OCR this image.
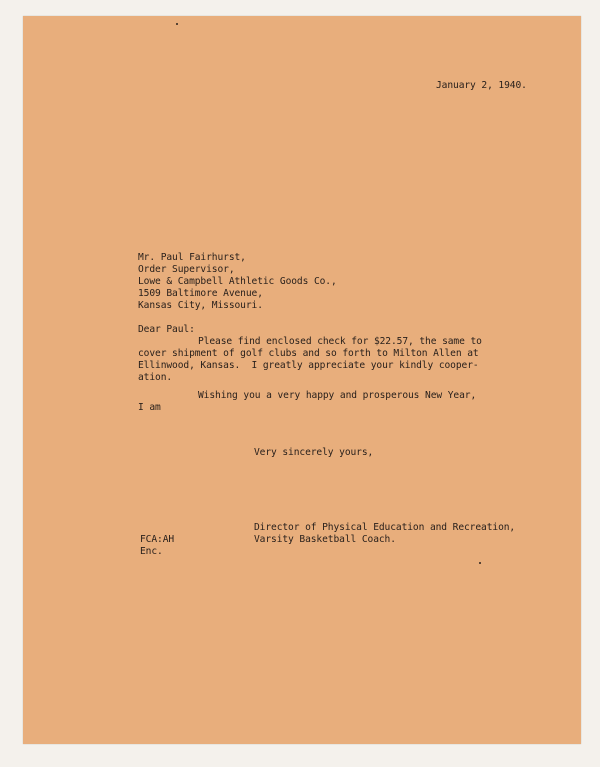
January 2, 1940.
Mr. Paul Fairhurst,
Order Supervisor,
Lowe & Campbell Athletic Goods Co.,
1509 Baltimore Avenue,
Kansas City, Missouri.
Dear Paul:
Please find enclosed check for $22.57, the same to
cover shipment of golf clubs and so forth to Milton Allen at
Ellinwood, Kansas.  I greatly appreciate your kindly cooper-
ation.
Wishing you a very happy and prosperous New Year,
I am
Very sincerely yours,
Director of Physical Education and Recreation,
Varsity Basketball Coach.
FCA:AH
Enc.
